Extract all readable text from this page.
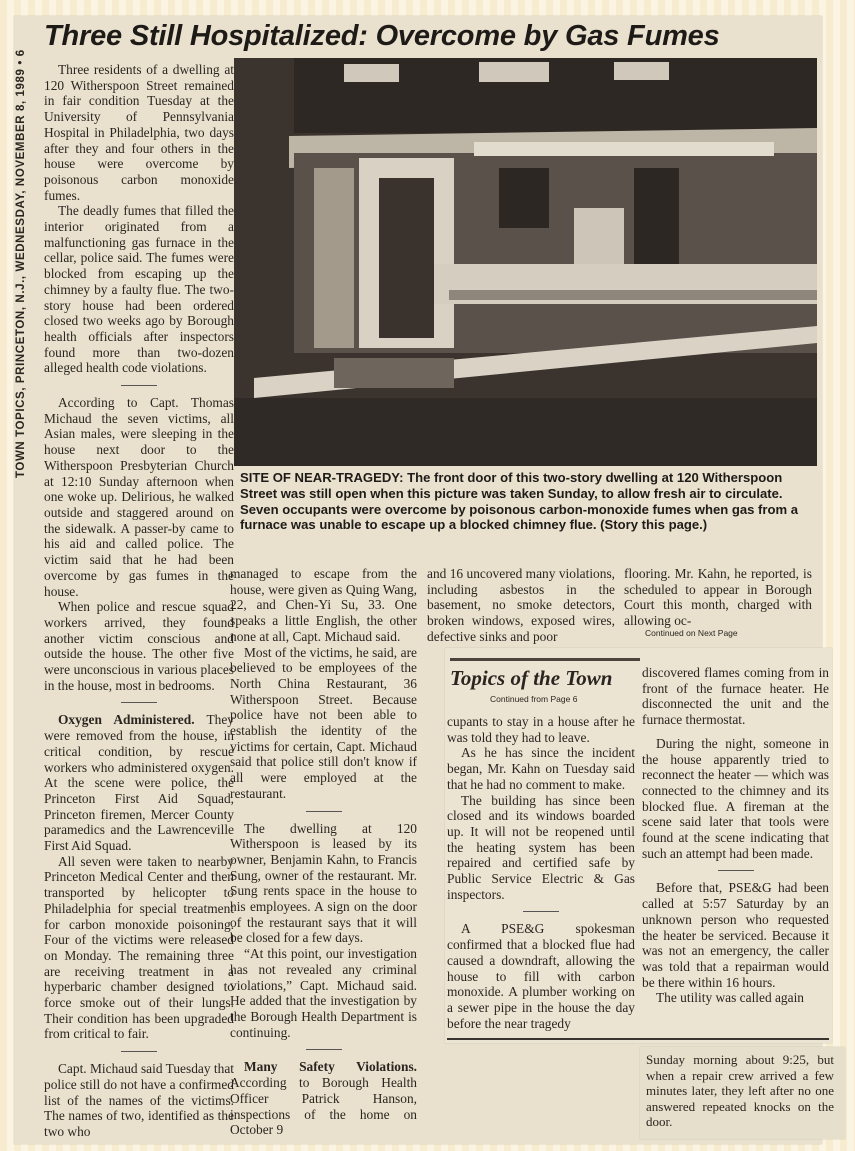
TOWN TOPICS, PRINCETON, N.J., WEDNESDAY, NOVEMBER 8, 1989 • 6
Three Still Hospitalized: Overcome by Gas Fumes

Three residents of a dwelling at 120 Witherspoon Street remained in fair condition Tuesday at the University of Pennsylvania Hospital in Philadelphia, two days after they and four others in the house were overcome by poisonous carbon monoxide fumes.

The deadly fumes that filled the interior originated from a malfunctioning gas furnace in the cellar, police said. The fumes were blocked from escaping up the chimney by a faulty flue. The two-story house had been ordered closed two weeks ago by Borough health officials after inspectors found more than two-dozen alleged health code violations.

According to Capt. Thomas Michaud the seven victims, all Asian males, were sleeping in the house next door to the Witherspoon Presbyterian Church at 12:10 Sunday afternoon when one woke up. Delirious, he walked outside and staggered around on the sidewalk. A passer-by came to his aid and called police. The victim said that he had been overcome by gas fumes in the house.

When police and rescue squad workers arrived, they found another victim conscious and outside the house. The other five were unconscious in various places in the house, most in bedrooms.

Oxygen Administered. They were removed from the house, in critical condition, by rescue workers who administered oxygen. At the scene were police, the Princeton First Aid Squad, Princeton firemen, Mercer County paramedics and the Lawrenceville First Aid Squad.

All seven were taken to nearby Princeton Medical Center and then transported by helicopter to Philadelphia for special treatment for carbon monoxide poisoning. Four of the victims were released on Monday. The remaining three are receiving treatment in a hyperbaric chamber designed to force smoke out of their lungs. Their condition has been upgraded from critical to fair.

Capt. Michaud said Tuesday that police still do not have a confirmed list of the names of the victims. The names of two, identified as the two who

SITE OF NEAR-TRAGEDY: The front door of this two-story dwelling at 120 Witherspoon Street was still open when this picture was taken Sunday, to allow fresh air to circulate. Seven occupants were overcome by poisonous carbon-monoxide fumes when gas from a furnace was unable to escape up a blocked chimney flue. (Story this page.)

managed to escape from the house, were given as Quing Wang, 22, and Chen-Yi Su, 33. One speaks a little English, the other none at all, Capt. Michaud said.

Most of the victims, he said, are believed to be employees of the North China Restaurant, 36 Witherspoon Street. Because police have not been able to establish the identity of the victims for certain, Capt. Michaud said that police still don't know if all were employed at the restaurant.

The dwelling at 120 Witherspoon is leased by its owner, Benjamin Kahn, to Francis Sung, owner of the restaurant. Mr. Sung rents space in the house to his employees. A sign on the door of the restaurant says that it will be closed for a few days.

“At this point, our investigation has not revealed any criminal violations,” Capt. Michaud said. He added that the investigation by the Borough Health Department is continuing.

Many Safety Violations. According to Borough Health Officer Patrick Hanson, inspections of the home on October 9

and 16 uncovered many violations, including asbestos in the basement, no smoke detectors, broken windows, exposed wires, defective sinks and poor

flooring. Mr. Kahn, he reported, is scheduled to appear in Borough Court this month, charged with allowing oc-

Continued on Next Page
Topics of the Town
Continued from Page 6

cupants to stay in a house after he was told they had to leave.

As he has since the incident began, Mr. Kahn on Tuesday said that he had no comment to make.

The building has since been closed and its windows boarded up. It will not be reopened until the heating system has been repaired and certified safe by Public Service Electric & Gas inspectors.

A PSE&G spokesman confirmed that a blocked flue had caused a downdraft, allowing the house to fill with carbon monoxide. A plumber working on a sewer pipe in the house the day before the near tragedy

discovered flames coming from in front of the furnace heater. He disconnected the unit and the furnace thermostat.

During the night, someone in the house apparently tried to reconnect the heater — which was connected to the chimney and its blocked flue. A fireman at the scene said later that tools were found at the scene indicating that such an attempt had been made.

Before that, PSE&G had been called at 5:57 Saturday by an unknown person who requested the heater be serviced. Because it was not an emergency, the caller was told that a repairman would be there within 16 hours.

The utility was called again

Sunday morning about 9:25, but when a repair crew arrived a few minutes later, they left after no one answered repeated knocks on the door.
